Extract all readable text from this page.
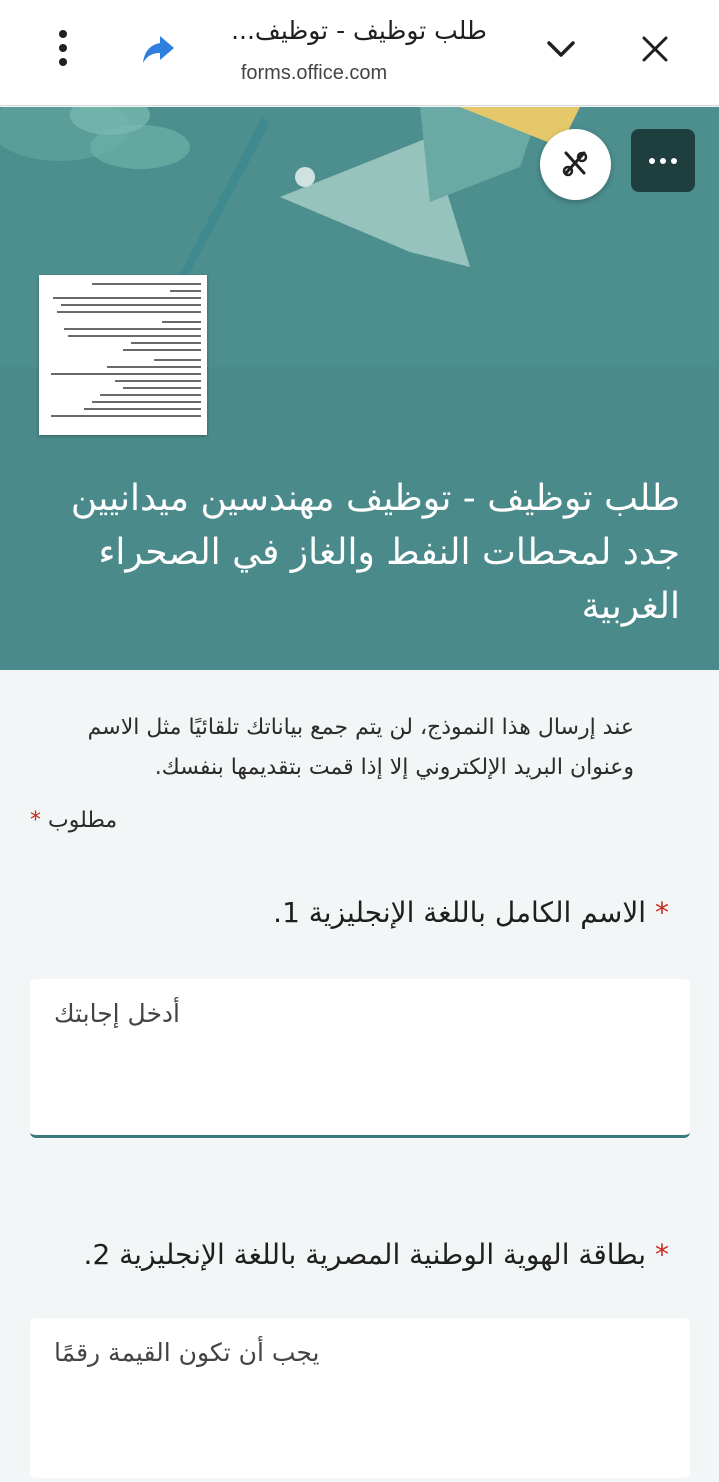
طلب توظيف - توظيف...
forms.office.com
طلب توظيف - توظيف مهندسين ميدانيين جدد لمحطات النفط والغاز في الصحراء الغربية
عند إرسال هذا النموذج، لن يتم جمع بياناتك تلقائيًا مثل الاسم وعنوان البريد الإلكتروني إلا إذا قمت بتقديمها بنفسك.
مطلوب *
* الاسم الكامل باللغة الإنجليزية 1.
أدخل إجابتك
* بطاقة الهوية الوطنية المصرية باللغة الإنجليزية 2.
يجب أن تكون القيمة رقمًا
